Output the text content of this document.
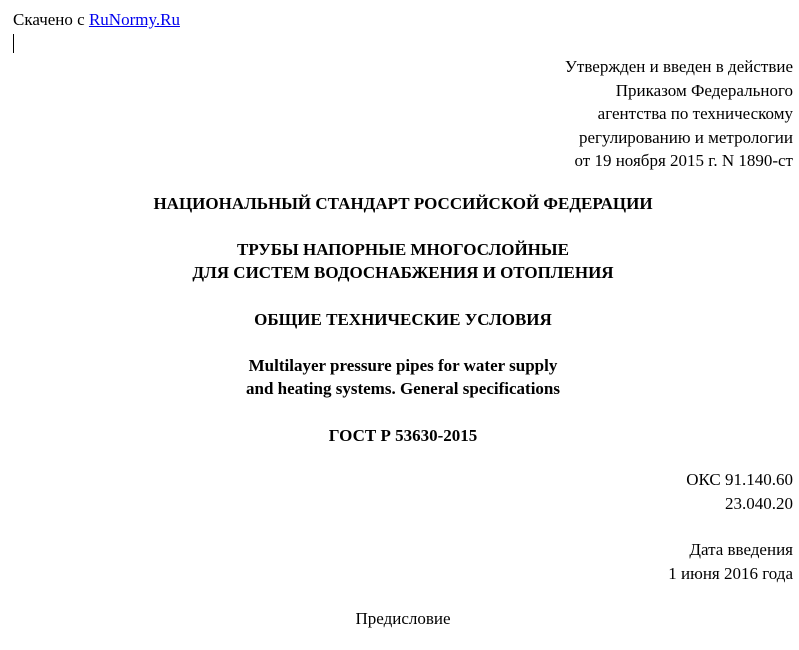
Скачено с RuNormy.Ru
Утвержден и введен в действие
Приказом Федерального
агентства по техническому
регулированию и метрологии
от 19 ноября 2015 г. N 1890-ст
НАЦИОНАЛЬНЫЙ СТАНДАРТ РОССИЙСКОЙ ФЕДЕРАЦИИ
ТРУБЫ НАПОРНЫЕ МНОГОСЛОЙНЫЕ
ДЛЯ СИСТЕМ ВОДОСНАБЖЕНИЯ И ОТОПЛЕНИЯ
ОБЩИЕ ТЕХНИЧЕСКИЕ УСЛОВИЯ
Multilayer pressure pipes for water supply
and heating systems. General specifications
ГОСТ Р 53630-2015
ОКС 91.140.60
23.040.20
Дата введения
1 июня 2016 года
Предисловие
